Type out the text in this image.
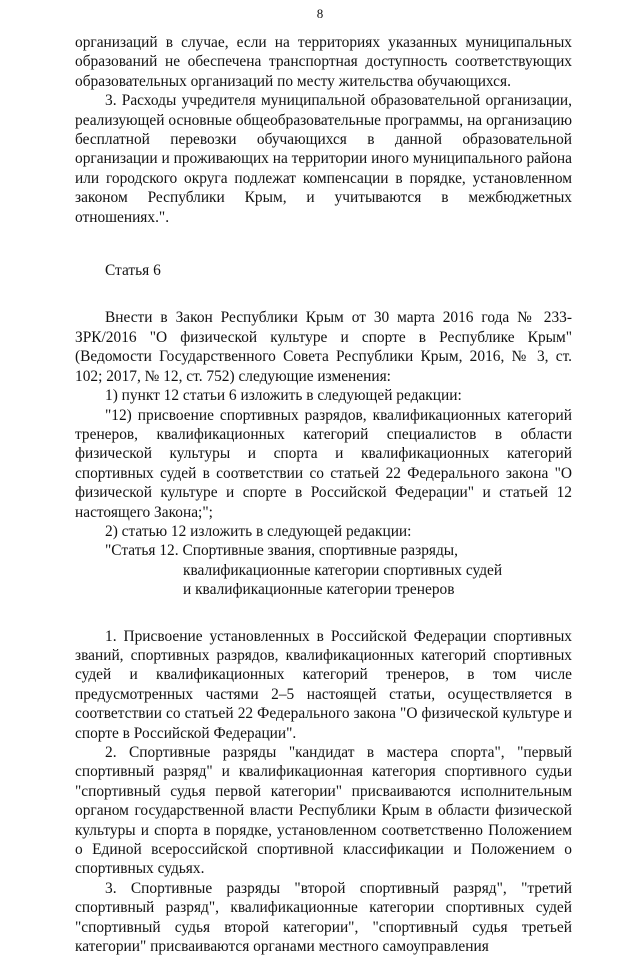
8

организаций в случае, если на территориях указанных муниципальных образований не обеспечена транспортная доступность соответствующих образовательных организаций по месту жительства обучающихся.

3. Расходы учредителя муниципальной образовательной организации, реализующей основные общеобразовательные программы, на организацию бесплатной перевозки обучающихся в данной образовательной организации и проживающих на территории иного муниципального района или городского округа подлежат компенсации в порядке, установленном законом Республики Крым, и учитываются в межбюджетных отношениях.".

Статья 6

Внести в Закон Республики Крым от 30 марта 2016 года № 233-ЗРК/2016 "О физической культуре и спорте в Республике Крым" (Ведомости Государственного Совета Республики Крым, 2016, № 3, ст. 102; 2017, № 12, ст. 752) следующие изменения:

1) пункт 12 статьи 6 изложить в следующей редакции:

"12) присвоение спортивных разрядов, квалификационных категорий тренеров, квалификационных категорий специалистов в области физической культуры и спорта и квалификационных категорий спортивных судей в соответствии со статьей 22 Федерального закона "О физической культуре и спорте в Российской Федерации" и статьей 12 настоящего Закона;";

2) статью 12 изложить в следующей редакции:

"Статья 12. Спортивные звания, спортивные разряды,
квалификационные категории спортивных судей
и квалификационные категории тренеров

1. Присвоение установленных в Российской Федерации спортивных званий, спортивных разрядов, квалификационных категорий спортивных судей и квалификационных категорий тренеров, в том числе предусмотренных частями 2–5 настоящей статьи, осуществляется в соответствии со статьей 22 Федерального закона "О физической культуре и спорте в Российской Федерации".

2. Спортивные разряды "кандидат в мастера спорта", "первый спортивный разряд" и квалификационная категория спортивного судьи "спортивный судья первой категории" присваиваются исполнительным органом государственной власти Республики Крым в области физической культуры и спорта в порядке, установленном соответственно Положением о Единой всероссийской спортивной классификации и Положением о спортивных судьях.

3. Спортивные разряды "второй спортивный разряд", "третий спортивный разряд", квалификационные категории спортивных судей "спортивный судья второй категории", "спортивный судья третьей категории" присваиваются органами местного самоуправления
